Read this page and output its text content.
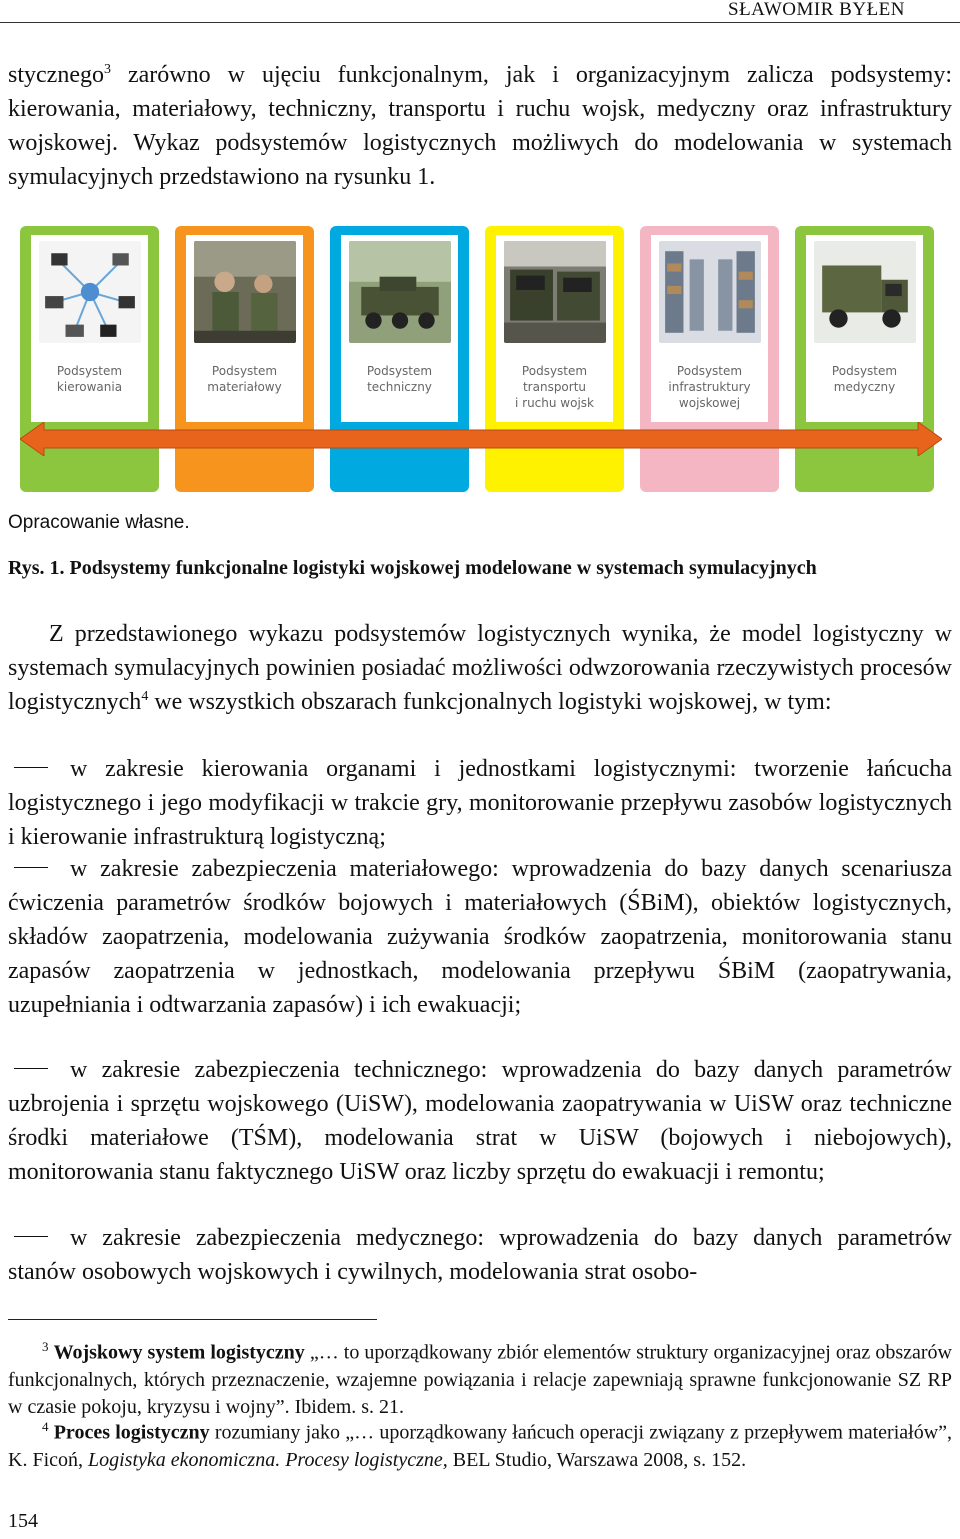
SŁAWOMIR BYŁEN
stycznego$^3$ zarówno w ujęciu funkcjonalnym, jak i organizacyjnym zalicza podsystemy: kierowania, materiałowy, techniczny, transportu i ruchu wojsk, medyczny oraz infrastruktury wojskowej. Wykaz podsystemów logistycznych możliwych do modelowania w systemach symulacyjnych przedstawiono na rysunku 1.
Podsystem
kierowania
Podsystem
materiałowy
Podsystem
techniczny
Podsystem
transportu
i ruchu wojsk
Podsystem
infrastruktury
wojskowej
Podsystem
medyczny
Opracowanie własne.
Rys. 1. Podsystemy funkcjonalne logistyki wojskowej modelowane w systemach symulacyjnych
Z przedstawionego wykazu podsystemów logistycznych wynika, że model logistyczny w systemach symulacyjnych powinien posiadać możliwości odwzorowania rzeczywistych procesów logistycznych$^4$ we wszystkich obszarach funkcjonalnych logistyki wojskowej, w tym:
w zakresie kierowania organami i jednostkami logistycznymi: tworzenie łańcucha logistycznego i jego modyfikacji w trakcie gry, monitorowanie przepływu zasobów logistycznych i kierowanie infrastrukturą logistyczną;
w zakresie zabezpieczenia materiałowego: wprowadzenia do bazy danych scenariusza ćwiczenia parametrów środków bojowych i materiałowych (ŚBiM), obiektów logistycznych, składów zaopatrzenia, modelowania zużywania środków zaopatrzenia, monitorowania stanu zapasów zaopatrzenia w jednostkach, modelowania przepływu ŚBiM (zaopatrywania, uzupełniania i odtwarzania zapasów) i ich ewakuacji;
w zakresie zabezpieczenia technicznego: wprowadzenia do bazy danych parametrów uzbrojenia i sprzętu wojskowego (UiSW), modelowania zaopatrywania w UiSW oraz techniczne środki materiałowe (TŚM), modelowania strat w UiSW (bojowych i niebojowych), monitorowania stanu faktycznego UiSW oraz liczby sprzętu do ewakuacji i remontu;
w zakresie zabezpieczenia medycznego: wprowadzenia do bazy danych parametrów stanów osobowych wojskowych i cywilnych, modelowania strat osobo-
$^3$ Wojskowy system logistyczny „… to uporządkowany zbiór elementów struktury organizacyjnej oraz obszarów funkcjonalnych, których przeznaczenie, wzajemne powiązania i relacje zapewniają sprawne funkcjonowanie SZ RP w czasie pokoju, kryzysu i wojny”. Ibidem. s. 21.
$^4$ Proces logistyczny rozumiany jako „… uporządkowany łańcuch operacji związany z przepływem materiałów”, K. Ficoń, Logistyka ekonomiczna. Procesy logistyczne, BEL Studio, Warszawa 2008, s. 152.
154
